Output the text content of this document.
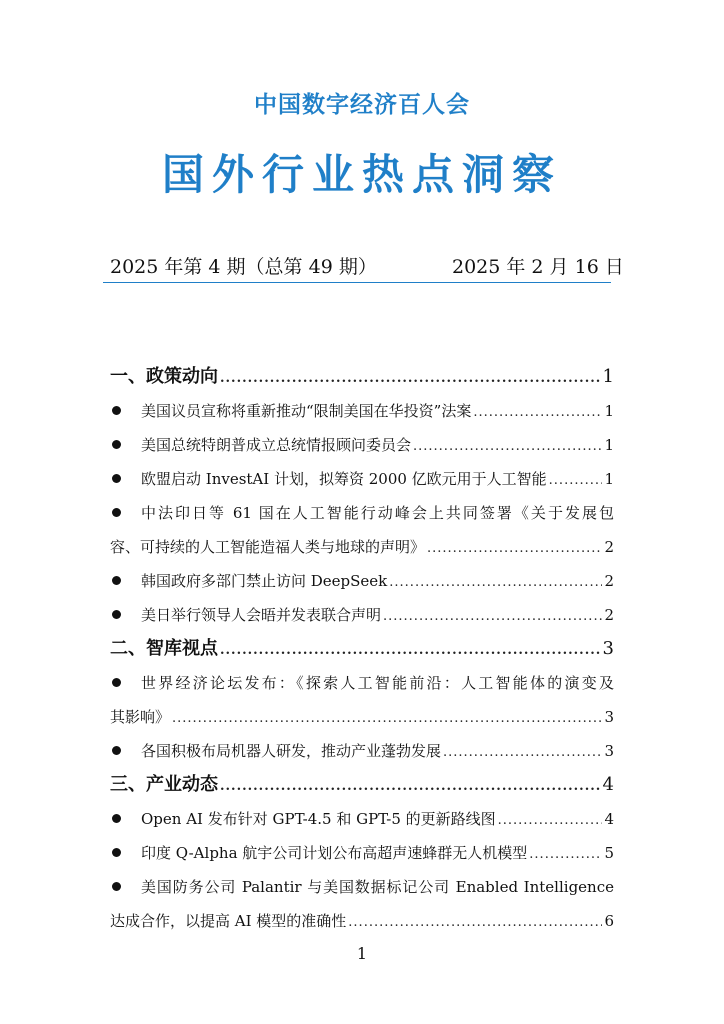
中国数字经济百人会
国外行业热点洞察
2025 年第 4 期（总第 49 期）	2025 年 2 月 16 日
一、政策动向 .....	1
美国议员宣称将重新推动“限制美国在华投资”法案 .....	1
美国总统特朗普成立总统情报顾问委员会 .....	1
欧盟启动 InvestAI 计划，拟筹资 2000 亿欧元用于人工智能 .....	1
中法印日等 61 国在人工智能行动峰会上共同签署《关于发展包
容、可持续的人工智能造福人类与地球的声明》 .....	2
韩国政府多部门禁止访问 DeepSeek .....	2
美日举行领导人会晤并发表联合声明 .....	2
二、智库视点 .....	3
世界经济论坛发布：《探索人工智能前沿：人工智能体的演变及
其影响》 .....	3
各国积极布局机器人研发，推动产业蓬勃发展 .....	3
三、产业动态 .....	4
Open AI 发布针对 GPT-4.5 和 GPT-5 的更新路线图 .....	4
印度 Q-Alpha 航宇公司计划公布高超声速蜂群无人机模型 .....	5
美国防务公司 Palantir 与美国数据标记公司 Enabled Intelligence
达成合作，以提高 AI 模型的准确性 .....	6
1
